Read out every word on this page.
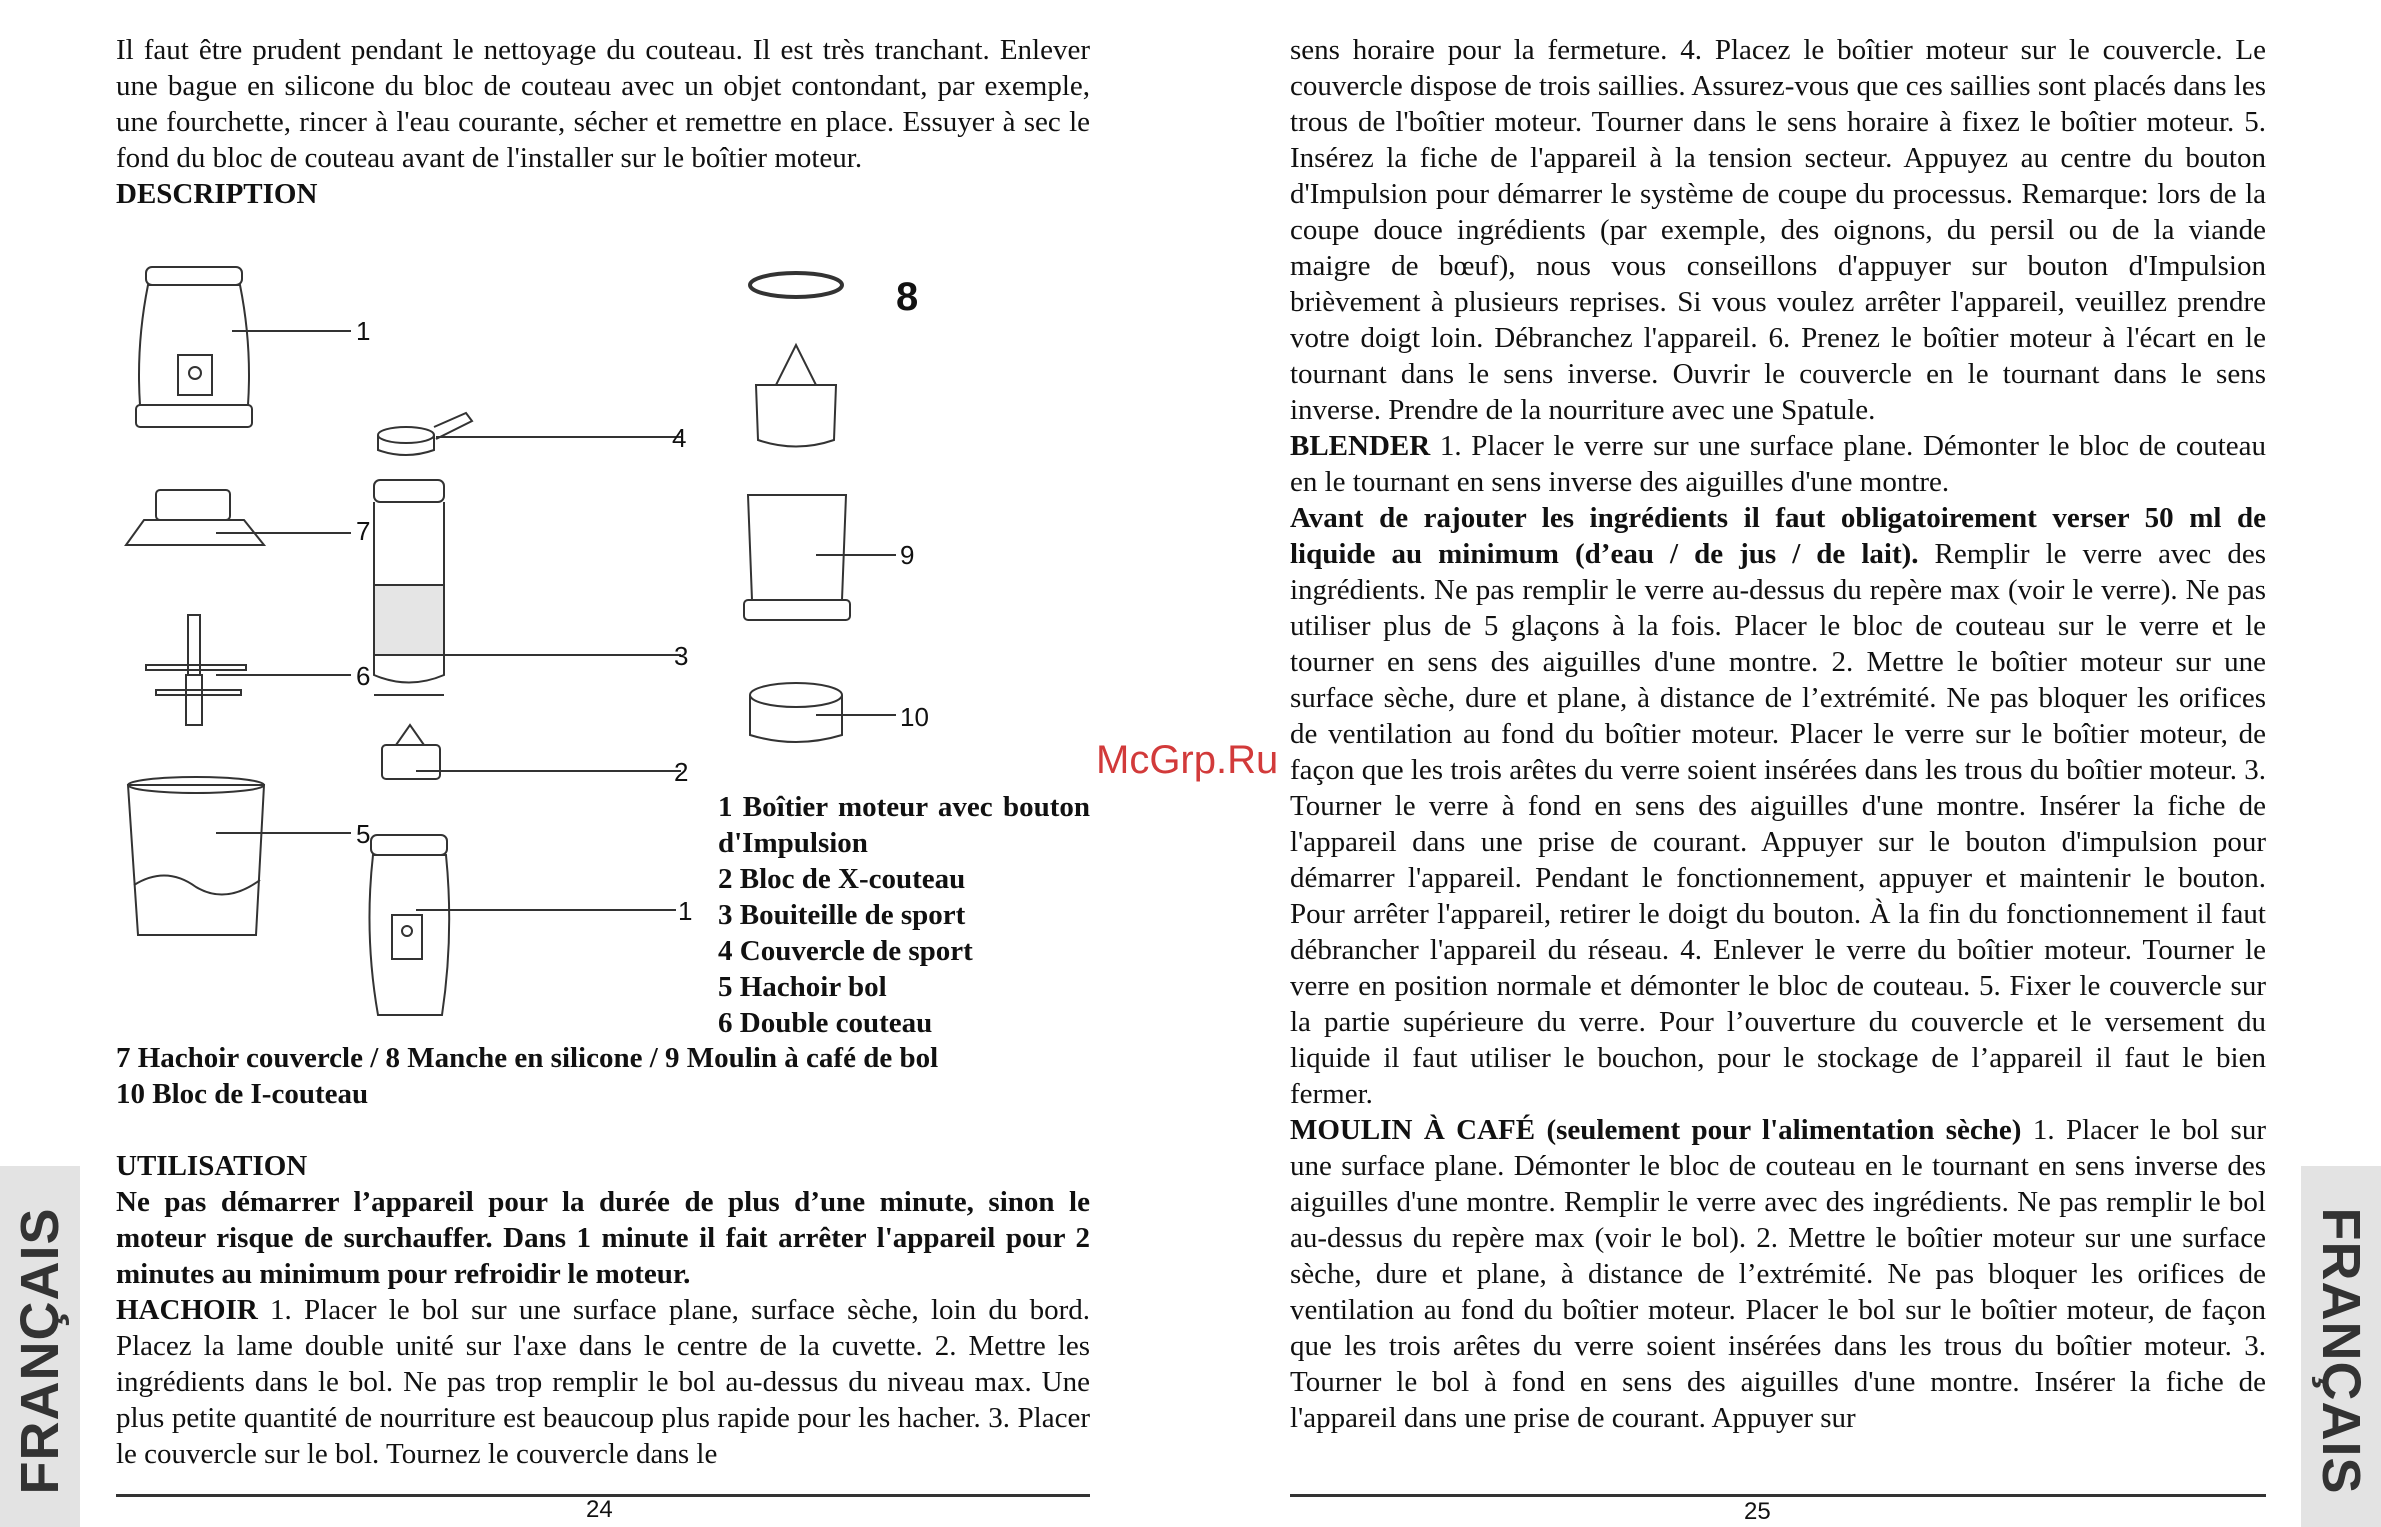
Il faut être prudent pendant le nettoyage du couteau. Il est très tranchant. Enlever une bague en silicone du bloc de couteau avec un objet contondant, par exemple, une fourchette, rincer à l'eau courante, sécher et remettre en place. Essuyer à sec le fond du bloc de couteau avant de l'installer sur le boîtier moteur.

DESCRIPTION

1
7
6
5
4
3
2
1
8
9
10
1 Boîtier moteur avec bouton d'Impulsion
2 Bloc de X-couteau
3 Bouiteille de sport
4 Couvercle de sport
5 Hachoir bol
6 Double couteau
7 Hachoir couvercle / 8 Manche en silicone / 9 Moulin à café de bol
10 Bloc de I-couteau

UTILISATION

Ne pas démarrer l’appareil pour la durée de plus d’une minute, sinon le moteur risque de surchauffer. Dans 1 minute il fait arrêter l'appareil pour 2 minutes au minimum pour refroidir le moteur.

HACHOIR 1. Placer le bol sur une surface plane, surface sèche, loin du bord. Placez la lame double unité sur l'axe dans le centre de la cuvette. 2. Mettre les ingrédients dans le bol. Ne pas trop remplir le bol au-dessus du niveau max. Une plus petite quantité de nourriture est beaucoup plus rapide pour les hacher. 3. Placer le couvercle sur le bol. Tournez le couvercle dans le

24
FRANÇAIS

sens horaire pour la fermeture. 4. Placez le boîtier moteur sur le couvercle. Le couvercle dispose de trois saillies. Assurez-vous que ces saillies sont placés dans les trous de l'boîtier moteur. Tourner dans le sens horaire à fixez le boîtier moteur. 5. Insérez la fiche de l'appareil à la tension secteur. Appuyez au centre du bouton d'Impulsion pour démarrer le système de coupe du processus. Remarque: lors de la coupe douce ingrédients (par exemple, des oignons, du persil ou de la viande maigre de bœuf), nous vous conseillons d'appuyer sur bouton d'Impulsion brièvement à plusieurs reprises. Si vous voulez arrêter l'appareil, veuillez prendre votre doigt loin. Débranchez l'appareil. 6. Prenez le boîtier moteur à l'écart en le tournant dans le sens inverse. Ouvrir le couvercle en le tournant dans le sens inverse. Prendre de la nourriture avec une Spatule.

BLENDER 1. Placer le verre sur une surface plane. Démonter le bloc de couteau en le tournant en sens inverse des aiguilles d'une montre.

Avant de rajouter les ingrédients il faut obligatoirement verser 50 ml de liquide au minimum (d’eau / de jus / de lait). Remplir le verre avec des ingrédients. Ne pas remplir le verre au-dessus du repère max (voir le verre). Ne pas utiliser plus de 5 glaçons à la fois. Placer le bloc de couteau sur le verre et le tourner en sens des aiguilles d'une montre. 2. Mettre le boîtier moteur sur une surface sèche, dure et plane, à distance de l’extrémité. Ne pas bloquer les orifices de ventilation au fond du boîtier moteur. Placer le verre sur le boîtier moteur, de façon que les trois arêtes du verre soient insérées dans les trous du boîtier moteur. 3. Tourner le verre à fond en sens des aiguilles d'une montre. Insérer la fiche de l'appareil dans une prise de courant. Appuyer sur le bouton d'impulsion pour démarrer l'appareil. Pendant le fonctionnement, appuyer et maintenir le bouton. Pour arrêter l'appareil, retirer le doigt du bouton. À la fin du fonctionnement il faut débrancher l'appareil du réseau. 4. Enlever le verre du boîtier moteur. Tourner le verre en position normale et démonter le bloc de couteau. 5. Fixer le couvercle sur la partie supérieure du verre. Pour l’ouverture du couvercle et le versement du liquide il faut utiliser le bouchon, pour le stockage de l’appareil il faut le bien fermer.

MOULIN À CAFÉ (seulement pour l'alimentation sèche) 1. Placer le bol sur une surface plane. Démonter le bloc de couteau en le tournant en sens inverse des aiguilles d'une montre. Remplir le verre avec des ingrédients. Ne pas remplir le bol au-dessus du repère max (voir le bol). 2. Mettre le boîtier moteur sur une surface sèche, dure et plane, à distance de l’extrémité. Ne pas bloquer les orifices de ventilation au fond du boîtier moteur. Placer le bol sur le boîtier moteur, de façon que les trois arêtes du verre soient insérées dans les trous du boîtier moteur. 3. Tourner le bol à fond en sens des aiguilles d'une montre. Insérer la fiche de l'appareil dans une prise de courant. Appuyer sur

25
FRANÇAIS
McGrp.Ru
